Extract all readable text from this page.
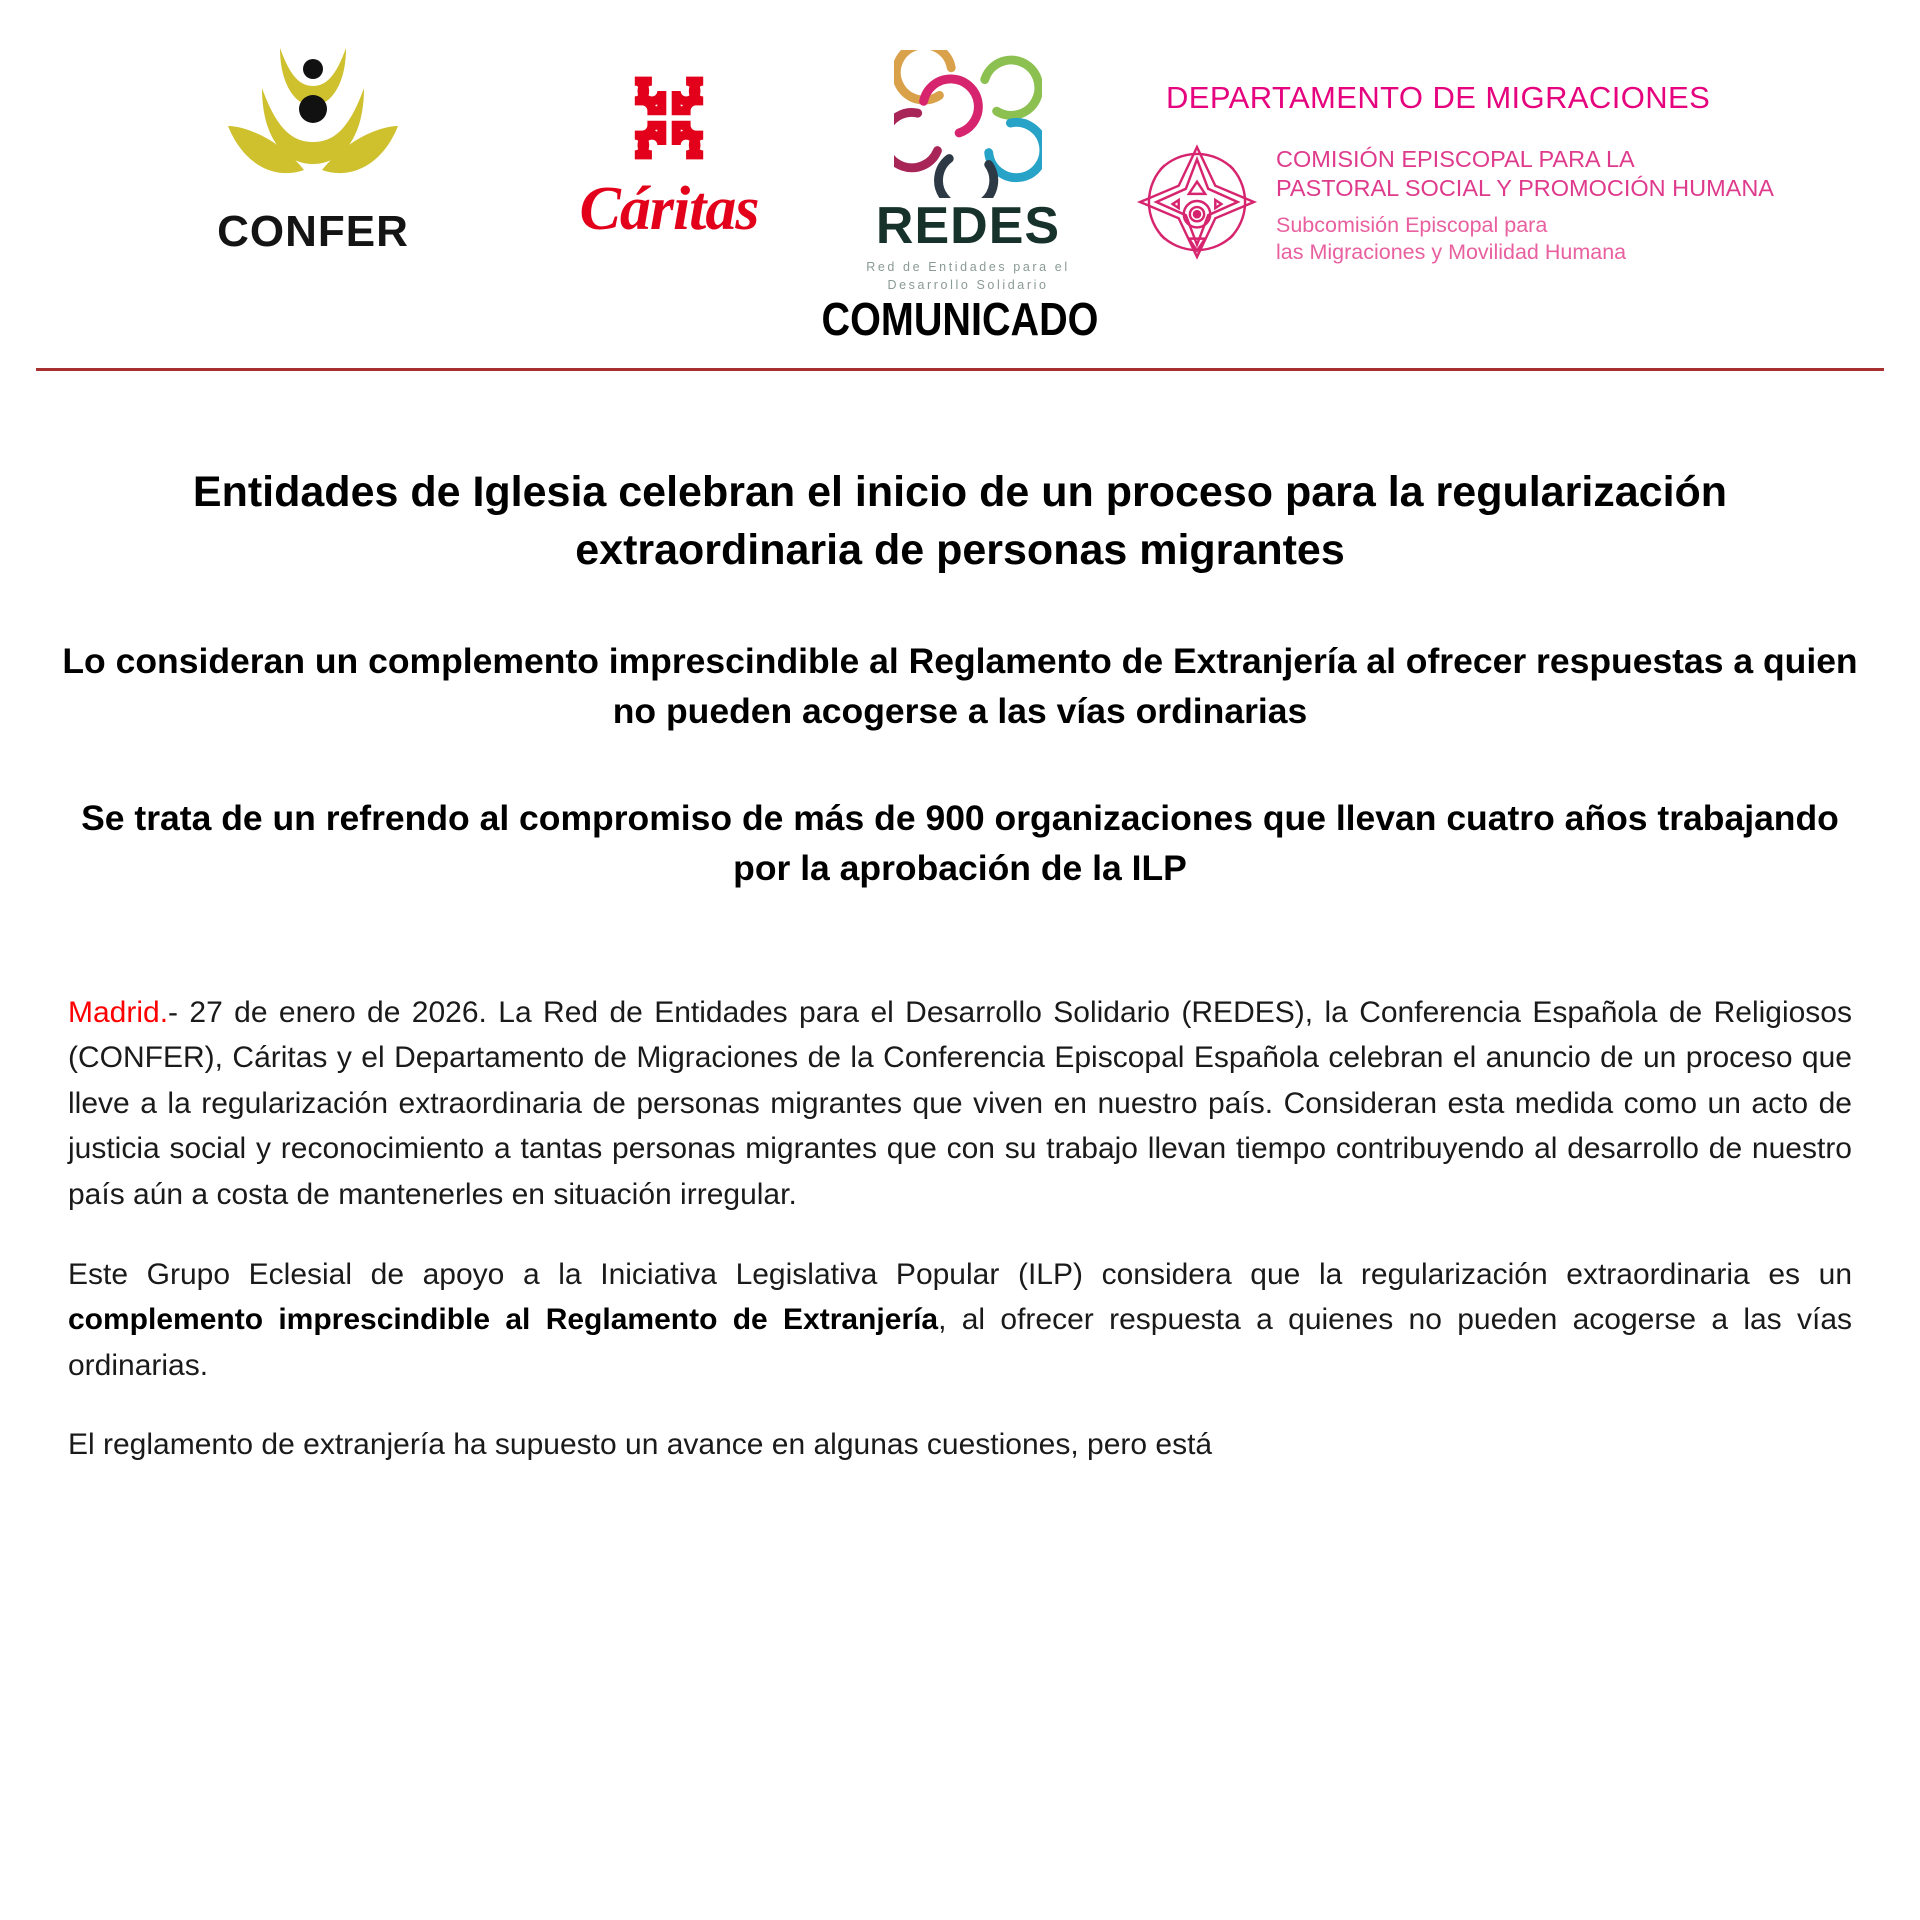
CONFER	Cáritas REDES
Red de Entidades para el
Desarrollo Solidario
DEPARTAMENTO DE MIGRACIONES
COMISIÓN EPISCOPAL PARA LA
PASTORAL SOCIAL Y PROMOCIÓN HUMANA
Subcomisión Episcopal para
las Migraciones y Movilidad Humana
COMUNICADO
Entidades de Iglesia celebran el inicio de un proceso para la regularización extraordinaria de personas migrantes
Lo consideran un complemento imprescindible al Reglamento de Extranjería al ofrecer respuestas a quien no pueden acogerse a las vías ordinarias
Se trata de un refrendo al compromiso de más de 900 organizaciones que llevan cuatro años trabajando por la aprobación de la ILP

Madrid.- 27 de enero de 2026. La Red de Entidades para el Desarrollo Solidario (REDES), la Conferencia Española de Religiosos (CONFER), Cáritas y el Departamento de Migraciones de la Conferencia Episcopal Española celebran el anuncio de un proceso que lleve a la regularización extraordinaria de personas migrantes que viven en nuestro país. Consideran esta medida como un acto de justicia social y reconocimiento a tantas personas migrantes que con su trabajo llevan tiempo contribuyendo al desarrollo de nuestro país aún a costa de mantenerles en situación irregular.

Este Grupo Eclesial de apoyo a la Iniciativa Legislativa Popular (ILP) considera que la regularización extraordinaria es un complemento imprescindible al Reglamento de Extranjería, al ofrecer respuesta a quienes no pueden acogerse a las vías ordinarias.

El reglamento de extranjería ha supuesto un avance en algunas cuestiones, pero está
